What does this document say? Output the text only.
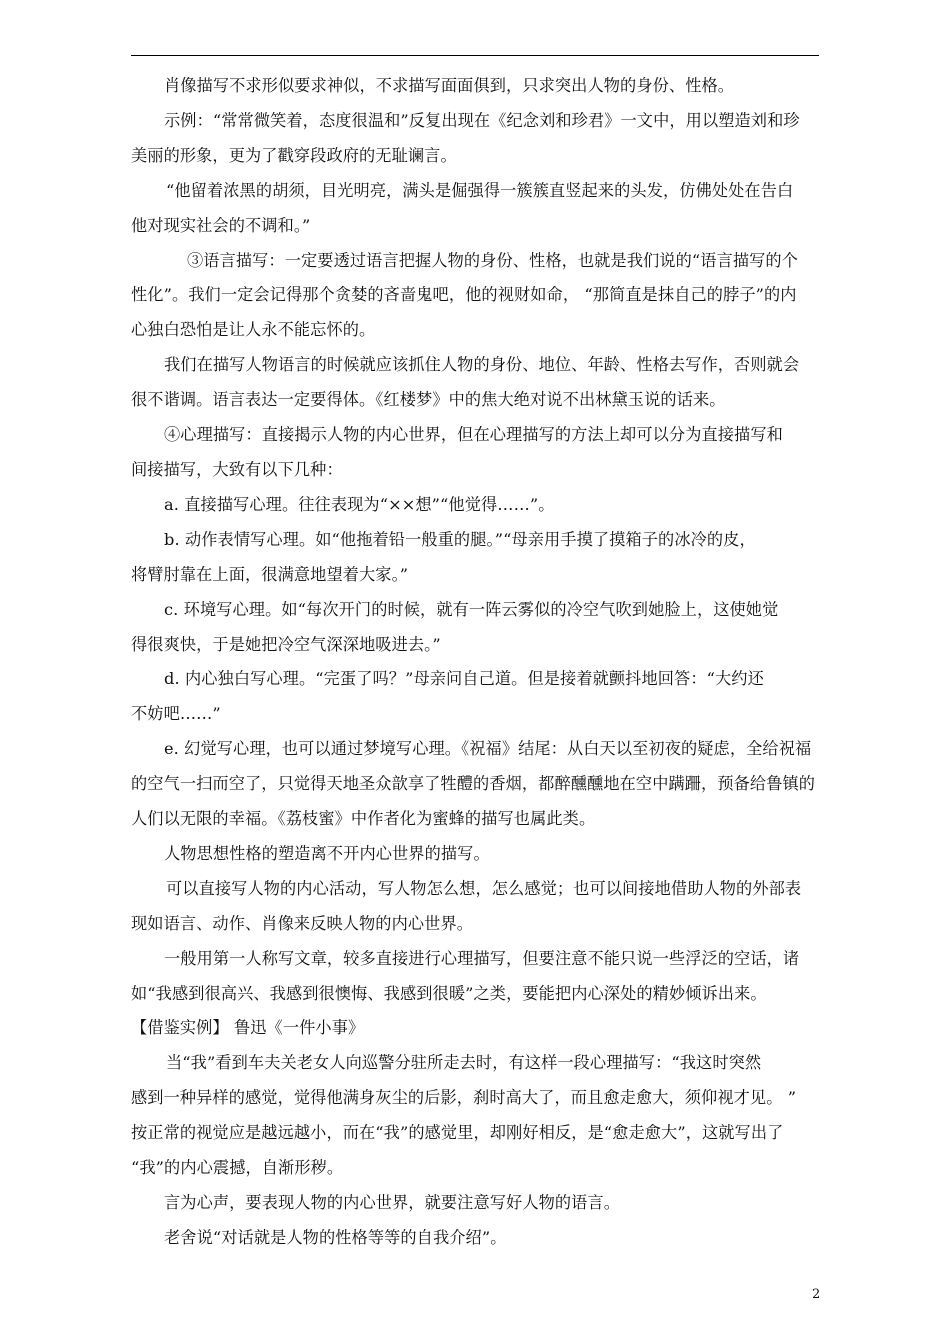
肖像描写不求形似要求神似，不求描写面面俱到，只求突出人物的身份、性格。

示例：“常常微笑着，态度很温和”反复出现在《纪念刘和珍君》一文中，用以塑造刘和珍

美丽的形象，更为了戳穿段政府的无耻谰言。

“他留着浓黑的胡须，目光明亮，满头是倔强得一簇簇直竖起来的头发，仿佛处处在告白

他对现实社会的不调和。”

③语言描写：一定要透过语言把握人物的身份、性格，也就是我们说的“语言描写的个

性化”。我们一定会记得那个贪婪的吝啬鬼吧，他的视财如命， “那简直是抹自己的脖子”的内

心独白恐怕是让人永不能忘怀的。

我们在描写人物语言的时候就应该抓住人物的身份、地位、年龄、性格去写作，否则就会

很不谐调。语言表达一定要得体。《红楼梦》中的焦大绝对说不出林黛玉说的话来。

④心理描写：直接揭示人物的内心世界，但在心理描写的方法上却可以分为直接描写和

间接描写，大致有以下几种：

a. 直接描写心理。往往表现为“××想”“他觉得……”。

b. 动作表情写心理。如“他拖着铅一般重的腿。”“母亲用手摸了摸箱子的冰冷的皮，

将臂肘靠在上面，很满意地望着大家。”

c. 环境写心理。如“每次开门的时候，就有一阵云雾似的冷空气吹到她脸上，这使她觉

得很爽快，于是她把冷空气深深地吸进去。”

d. 内心独白写心理。“完蛋了吗？”母亲问自己道。但是接着就颤抖地回答：“大约还

不妨吧……”

e. 幻觉写心理，也可以通过梦境写心理。《祝福》结尾：从白天以至初夜的疑虑，全给祝福

的空气一扫而空了，只觉得天地圣众歆享了牲醴的香烟，都醉醺醺地在空中蹒跚，预备给鲁镇的

人们以无限的幸福。《荔枝蜜》中作者化为蜜蜂的描写也属此类。

人物思想性格的塑造离不开内心世界的描写。

可以直接写人物的内心活动，写人物怎么想，怎么感觉；也可以间接地借助人物的外部表

现如语言、动作、肖像来反映人物的内心世界。

一般用第一人称写文章，较多直接进行心理描写，但要注意不能只说一些浮泛的空话，诸

如“我感到很高兴、我感到很懊悔、我感到很暖”之类，要能把内心深处的精妙倾诉出来。

【借鉴实例】 鲁迅《一件小事》

当“我”看到车夫关老女人向巡警分驻所走去时，有这样一段心理描写：“我这时突然

感到一种异样的感觉，觉得他满身灰尘的后影，刹时高大了，而且愈走愈大，须仰视才见。 ”

按正常的视觉应是越远越小，而在“我”的感觉里，却刚好相反，是“愈走愈大”，这就写出了

“我”的内心震撼，自渐形秽。

言为心声，要表现人物的内心世界，就要注意写好人物的语言。

老舍说“对话就是人物的性格等等的自我介绍”。

2
